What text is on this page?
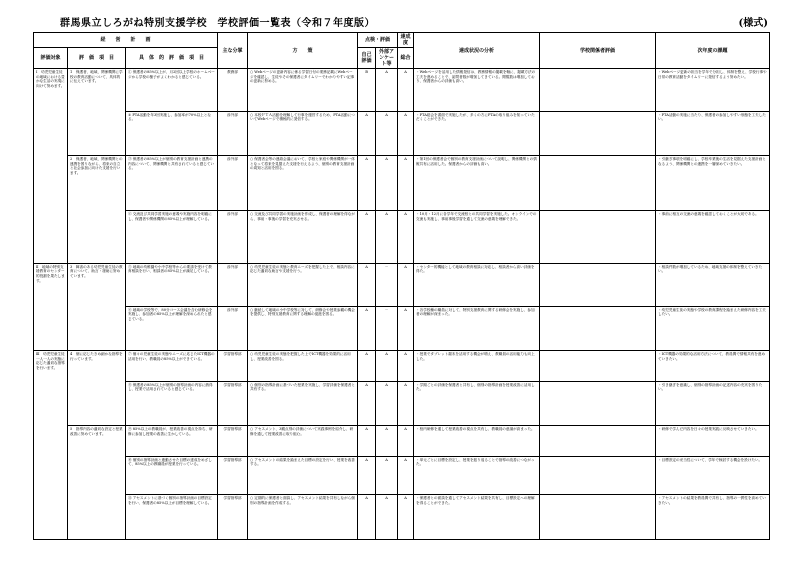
群馬県立しろがね特別支援学校　学校評価一覧表（令和７年度版）	(様式)
経　　営　　計　　画			主な分掌	方　　策	点検・評価		達成度	達成状況の分析	学校関係者評価	次年度の課題
評価対象	評　価　項　目	具　体　的　評　価　項　目			自己評価	外部アンケート等	総合			
Ⅰ　幼児児童生徒の地域における豊かな生活の実現に向けて努めます。	1　保護者、地域、関係機関に学校の教育活動について、具体的に伝えています。	① 保護者の85%以上が、月2回以上学校のホームページから学校の様子がよくわかると感じている。	教務部	○ Webページの更新内容に係る学習日付の業務記載にWebページを確認し、生徒やその保護者にタイムリーでわかりやすい記事の更新に努める。	B	A	A	・Webページを活用した情報発信は、教務情報の掲載を軸に、掲載方法の工夫を進めることで、訪問者数が増加してきている。閲覧数は増加しており、保護者からの評価も高い。		・Webページ更新の担当を学年で分担し、体制を整え、学校行事や日常の教育活動をタイムリーに発信するよう努めたい。
		② PTA活動を年3回実施し、参加率が70%以上となる。	渉外部	○ 本校ＰＴＡ活動を理解して行事を運営するため、PTA活動についてWebページで積極的に発信する。	A	A	A	・PTA総会を書面で実施したが、多くの方にPTAの取り組みを知っていただくことができた。		・PTA活動の実施に当たり、保護者の参加しやすい形態を工夫したい。
	2　保護者、地域、関係機関との連携を図りながら、将来の自立と社会参加に向けた支援を行います。	③ 保護者の85%以上が個別の教育支援計画と連携の内容について、関係機関と共有されていると感じている。	渉外部	○ 保護者会等の連絡会議において、学校と家庭や関係機関が一体となって将来を見据えた支援を行えるよう、個別の教育支援計画の周知と活用を図る。	A	A	A	・第1回の保護者会で個別の教育支援計画について説明し、関係機関との情報共有に活用した。保護者からの評価も高い。		・引継ぎ事項を明確にし、学校卒業後の生活を見据えた支援計画となるよう、関係機関との連携を一層深めていきたい。
		④ 交流及び共同学習実施の意義や実施内容を明確にし、保護者や関係機関の85%以上が理解している。	渉外部	○ 交流及び共同学習の実施計画を作成し、保護者の理解を得ながら、事前・事後の学習を充実させる。	A	A	A	・10月・12月に各学年で交流校との共同学習を実施した。オンラインでの交流も実施し、事前事後学習を通して交流の意義を理解できた。		・事前に相互の交流の意義を確認しておくことが大切である。
Ⅱ　地域の特別支援教育のセンター的役割を果たします。	3　障害のある幼児児童生徒の教育について、助言・援助に努めています。	⑤ 地域の幼稚園や小中学校等からの要請を受けて教育相談を行い、相談者の85%以上が満足している。	渉外部	○ 幼児児童生徒の実態と教育ニーズを把握した上で、相談内容に応じた適切な助言や支援を行う。	A	－	A	・センター的機能として地域の教育相談に対応し、相談者から高い評価を得た。		・相談件数が増加しているため、地域支援の体制を整えていきたい。
		⑥ 地域の学校等で、80分コース会議を含む研修会を実施し、参加者の85%以上が理解を深められたと感じている。	渉外部	○ 継続して地域の小中学校等に対して、研修会や授業参観の機会を提供し、特別支援教育に関する理解の促進を図る。	A	－	A	・各学校種の職員に対して、特別支援教育に関する研修会を実施し、参加者の理解が深まった。		・幼児児童生徒の実態や学校の教育課程を踏まえた研修内容を工夫したい。
Ⅲ　幼児児童生徒一人一人の実態に応じた適切な指導を行います。	4　個に応じたきめ細かな指導を行っています。	⑦ 個々の児童生徒の実態やニーズに応じたICT機器の活用を行い、教職員の85%以上ができている。	学習指導部	○ 幼児児童生徒の実態を把握した上でICT機器を効果的に活用し、授業改善を図る。	A	A	A	・授業でタブレット端末を活用する機会が増え、教職員の活用能力も向上した。		・ICT機器の効果的な活用方法について、教員間で情報共有を進めていきたい。
		⑧ 保護者の85%以上が個別の指導計画の内容に納得し、授業で活用されていると感じている。	学習指導部	○ 個別の指導計画に基づいた授業を実施し、学習評価を保護者と共有する。	A	A	A	・学期ごとの評価を保護者と共有し、個別の指導計画を授業改善に活用した。		・引き継ぎを意識し、個別の指導計画の記述内容の充実を図りたい。
	5　指導内容の適切な設定と授業改善に努めています。	⑨ 85%以上の教職員が、授業改善の視点を持ち、研修に参加し授業の改善に生かしている。	学習指導部	○ アセスメント、3観点別の評価について実践事例を紹介し、研修を通して授業改善に取り組む。	A	A	A	・校内研修を通して授業改善の視点を共有し、教職員の意識が高まった。		・研修で学んだ内容を日々の授業実践に反映させていきたい。
		⑩ 個別の指導計画と連動させた目標の達成をめざして、85%以上の教職員が授業を行っている。	学習指導部	○ アセスメントの結果を踏まえた目標の設定を行い、授業を改善する。	A	A	A	・単元ごとに目標を設定し、授業を振り返ることで指導の改善につながった。		・目標設定の妥当性について、学年で検討する機会を設けたい。
		⑪ アセスメントに基づく個別の指導計画の目標設定を行い、保護者の85%以上が目標を理解している。	学習指導部	○ 定期的に保護者と面談し、アセスメント結果を共有しながら個別の指導計画を作成する。	A	A	A	・保護者との面談を通してアセスメント結果を共有し、目標設定への理解を得ることができた。		・アセスメントの結果を教員間で共有し、指導の一貫性を高めていきたい。
